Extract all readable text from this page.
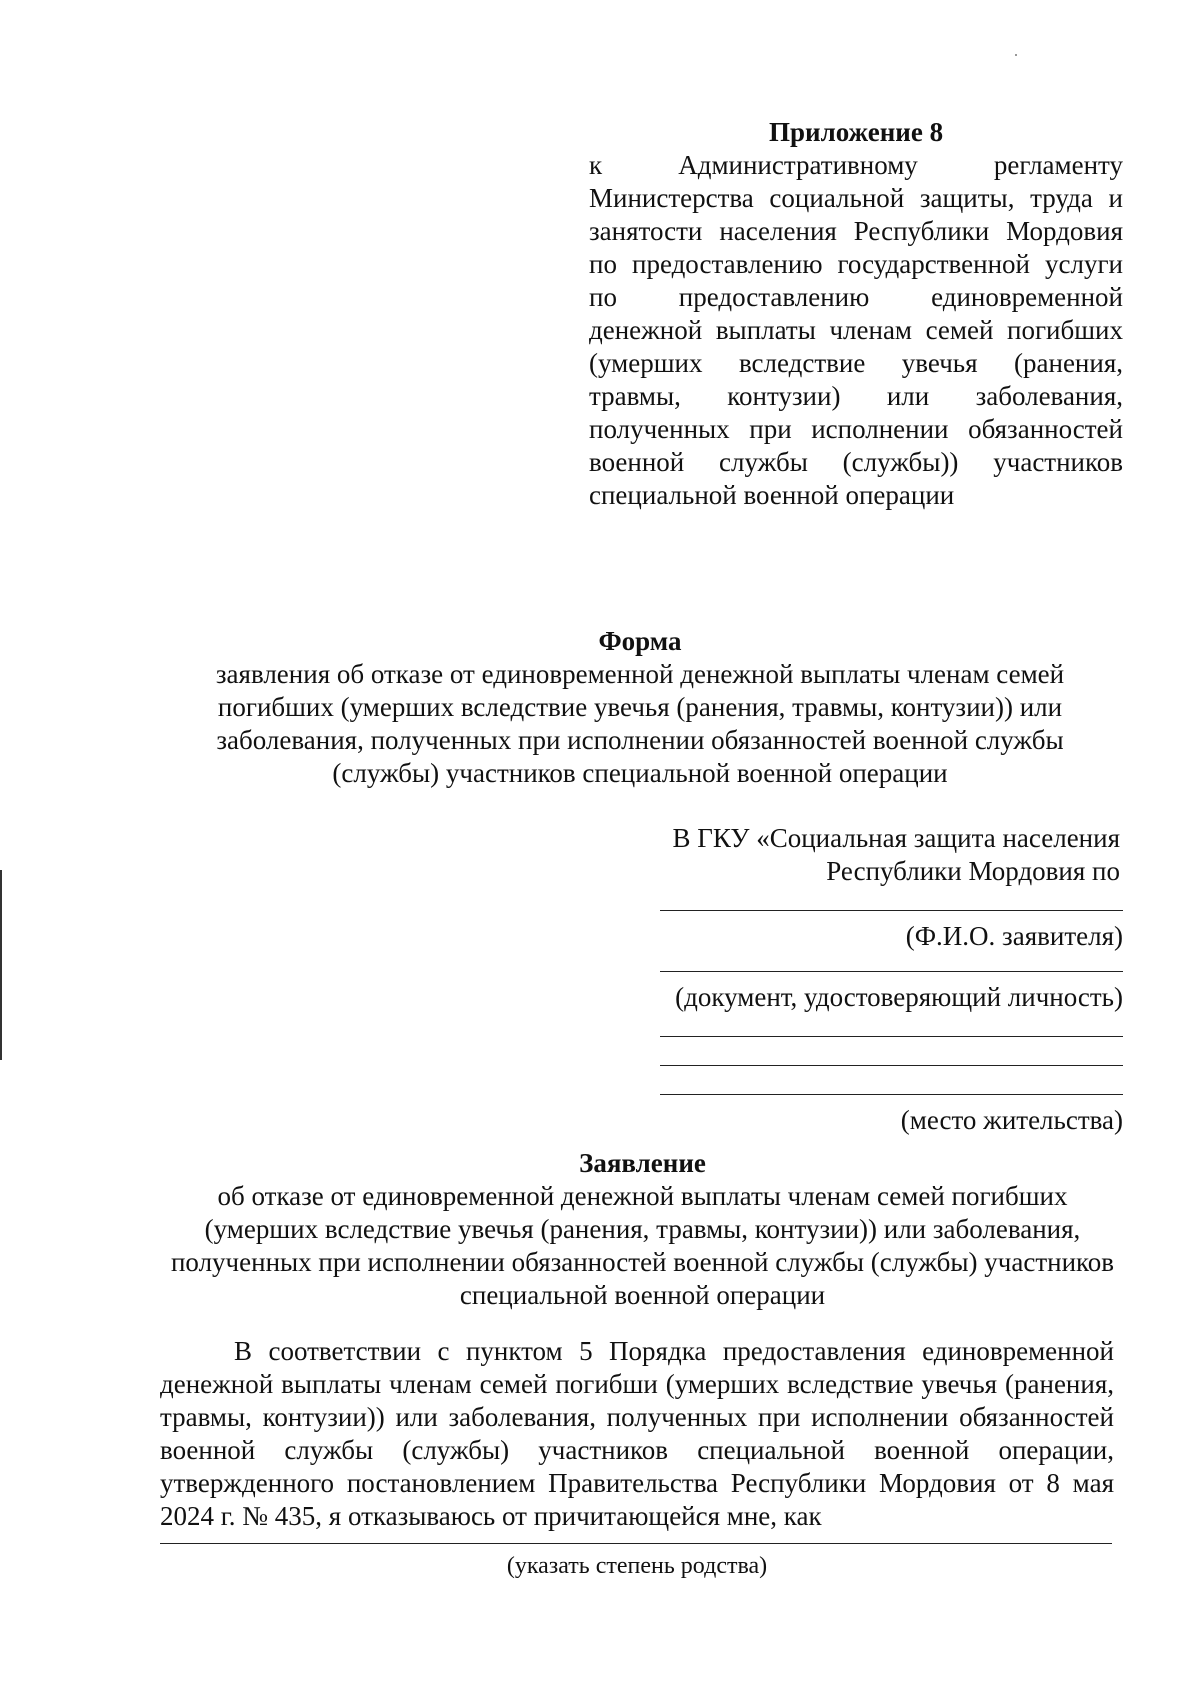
Приложение 8

к Административному регламенту Министерства социальной защиты, труда и занятости населения Республики Мордовия по предоставлению государственной услуги по предоставлению единовременной денежной выплаты членам семей погибших (умерших вследствие увечья (ранения, травмы, контузии) или заболевания, полученных при исполнении обязанностей военной службы (службы)) участников специальной военной операции

Форма
заявления об отказе от единовременной денежной выплаты членам семей погибших (умерших вследствие увечья (ранения, травмы, контузии)) или заболевания, полученных при исполнении обязанностей военной службы (службы) участников специальной военной операции
В ГКУ «Социальная защита населения
Республики Мордовия по
(Ф.И.О. заявителя)
(документ, удостоверяющий личность)
(место жительства)
Заявление
об отказе от единовременной денежной выплаты членам семей погибших (умерших вследствие увечья (ранения, травмы, контузии)) или заболевания, полученных при исполнении обязанностей военной службы (службы) участников специальной военной операции

В соответствии с пунктом 5 Порядка предоставления единовременной денежной выплаты членам семей погибши (умерших вследствие увечья (ранения, травмы, контузии)) или заболевания, полученных при исполнении обязанностей военной службы (службы) участников специальной военной операции, утвержденного постановлением Правительства Республики Мордовия от 8 мая 2024 г. № 435, я отказываюсь от причитающейся мне, как

(указать степень родства)
